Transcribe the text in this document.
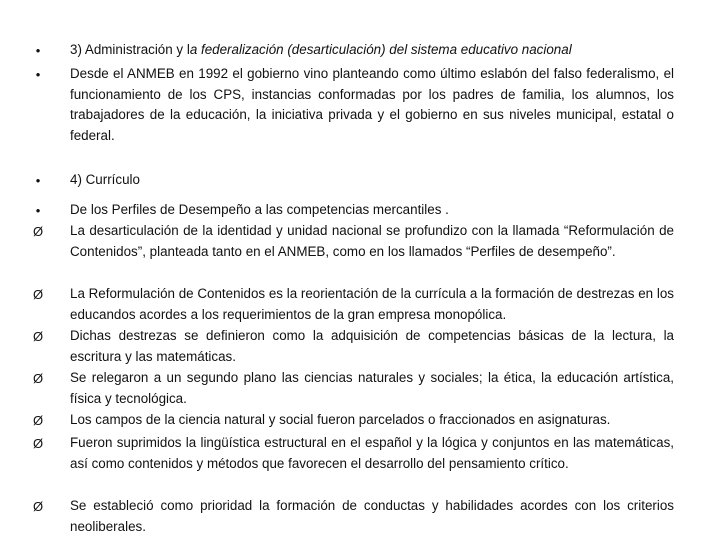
•	3) Administración y la federalización (desarticulación) del sistema educativo nacional
•	Desde el ANMEB en 1992 el gobierno vino planteando como último eslabón del falso federalismo, el funcionamiento de los CPS, instancias conformadas por los padres de familia, los alumnos, los trabajadores de la educación, la iniciativa privada y el gobierno en sus niveles municipal, estatal o federal.
•	4) Currículo
•	De los Perfiles de Desempeño a las competencias mercantiles .
Ø	La desarticulación de la identidad y unidad nacional se profundizo con la llamada “Reformulación de Contenidos”, planteada tanto en el ANMEB, como en los llamados “Perfiles de desempeño”.
Ø	La Reformulación de Contenidos es la reorientación de la currícula a la formación de destrezas en los educandos acordes a los requerimientos de la gran empresa monopólica.
Ø	Dichas destrezas se definieron como la adquisición de competencias básicas de la lectura, la escritura y las matemáticas.
Ø	Se relegaron a un segundo plano las ciencias naturales y sociales; la ética, la educación artística, física y tecnológica.
Ø	Los campos de la ciencia natural y social fueron parcelados o fraccionados en asignaturas.
Ø	Fueron suprimidos la lingüística estructural en el español y la lógica y conjuntos en las matemáticas, así como contenidos y métodos que favorecen el desarrollo del pensamiento crítico.
Ø	Se estableció como prioridad la formación de conductas y habilidades acordes con los criterios neoliberales.
